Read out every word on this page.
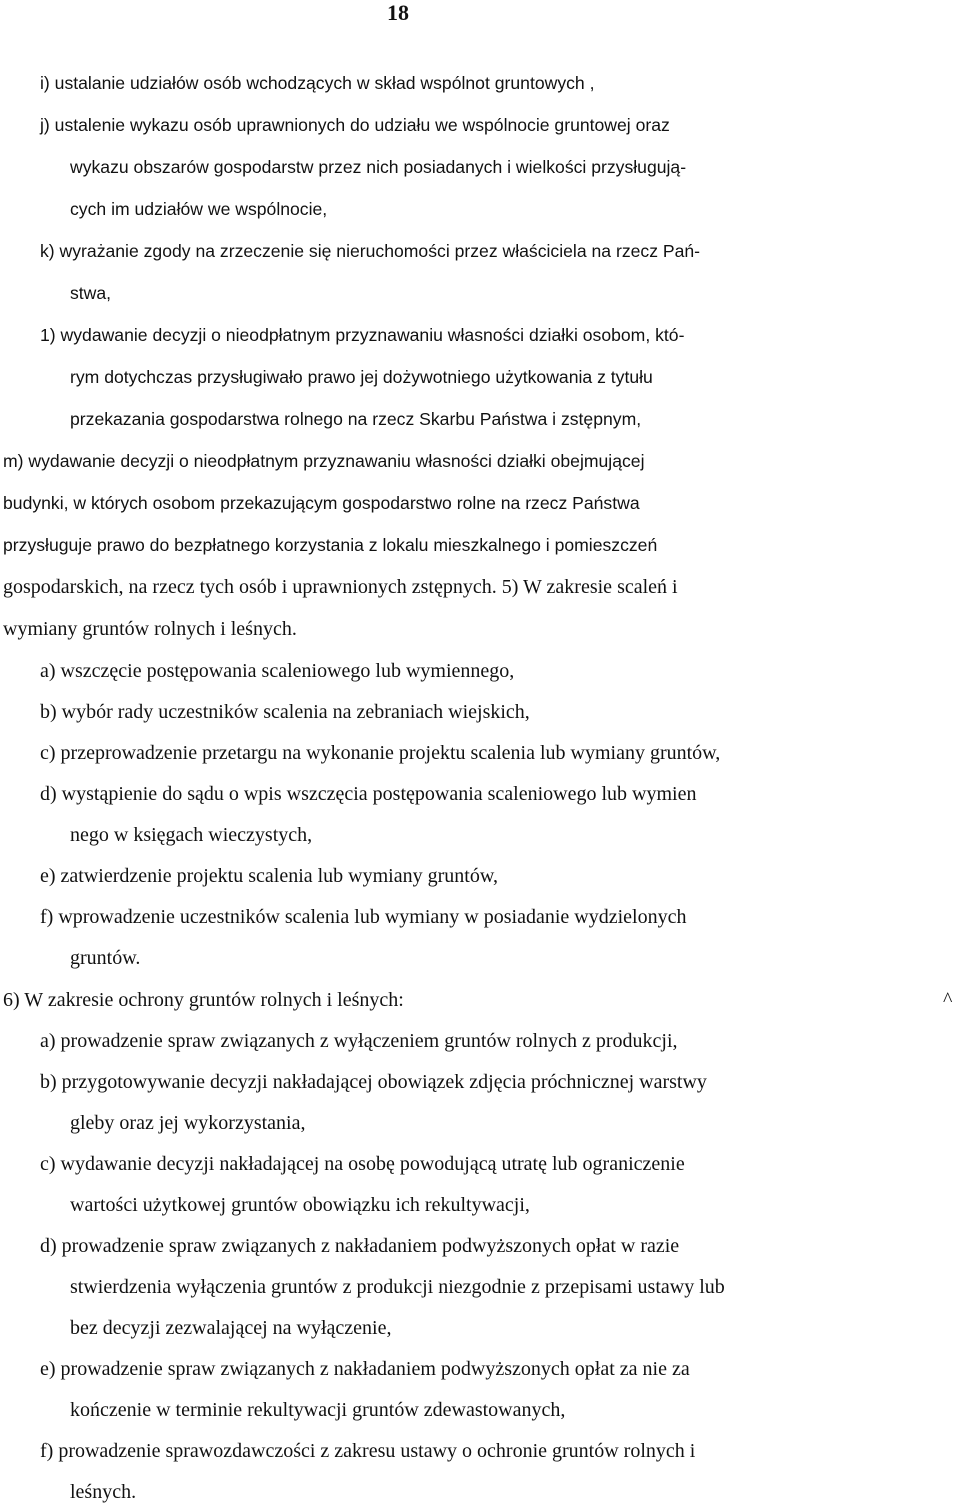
18
i) ustalanie udziałów osób wchodzących w skład wspólnot gruntowych ,
j) ustalenie wykazu osób uprawnionych do udziału we wspólnocie gruntowej oraz
wykazu obszarów gospodarstw przez nich posiadanych i wielkości przysługują-
cych im udziałów we wspólnocie,
k) wyrażanie zgody na zrzeczenie się nieruchomości przez właściciela na rzecz Pań-
stwa,
1) wydawanie decyzji o nieodpłatnym przyznawaniu własności działki osobom, któ-
rym dotychczas przysługiwało prawo jej dożywotniego użytkowania z tytułu
przekazania gospodarstwa rolnego na rzecz Skarbu Państwa i zstępnym,
m) wydawanie decyzji o nieodpłatnym przyznawaniu własności działki obejmującej
budynki, w których osobom przekazującym gospodarstwo rolne na rzecz Państwa
przysługuje prawo do bezpłatnego korzystania z lokalu mieszkalnego i pomieszczeń
gospodarskich, na rzecz tych osób i uprawnionych zstępnych. 5) W zakresie scaleń i
wymiany gruntów rolnych i leśnych.
a) wszczęcie postępowania scaleniowego lub wymiennego,
b) wybór rady uczestników scalenia na zebraniach wiejskich,
c) przeprowadzenie przetargu na wykonanie projektu scalenia lub wymiany gruntów,
d) wystąpienie do sądu o wpis wszczęcia postępowania scaleniowego lub wymien
nego w księgach wieczystych,
e) zatwierdzenie projektu scalenia lub wymiany gruntów,
f) wprowadzenie uczestników scalenia lub wymiany w posiadanie wydzielonych
gruntów.
6) W zakresie ochrony gruntów rolnych i leśnych:	^
a) prowadzenie spraw związanych z wyłączeniem gruntów rolnych z produkcji,
b) przygotowywanie decyzji nakładającej obowiązek zdjęcia próchnicznej warstwy
gleby oraz jej wykorzystania,
c) wydawanie decyzji nakładającej na osobę powodującą utratę lub ograniczenie
wartości użytkowej gruntów obowiązku ich rekultywacji,
d) prowadzenie spraw związanych z nakładaniem podwyższonych opłat w razie
stwierdzenia wyłączenia gruntów z produkcji niezgodnie z przepisami ustawy lub
bez decyzji zezwalającej na wyłączenie,
e) prowadzenie spraw związanych z nakładaniem podwyższonych opłat za nie za
kończenie w terminie rekultywacji gruntów zdewastowanych,
f) prowadzenie sprawozdawczości z zakresu ustawy o ochronie gruntów rolnych i
leśnych.
